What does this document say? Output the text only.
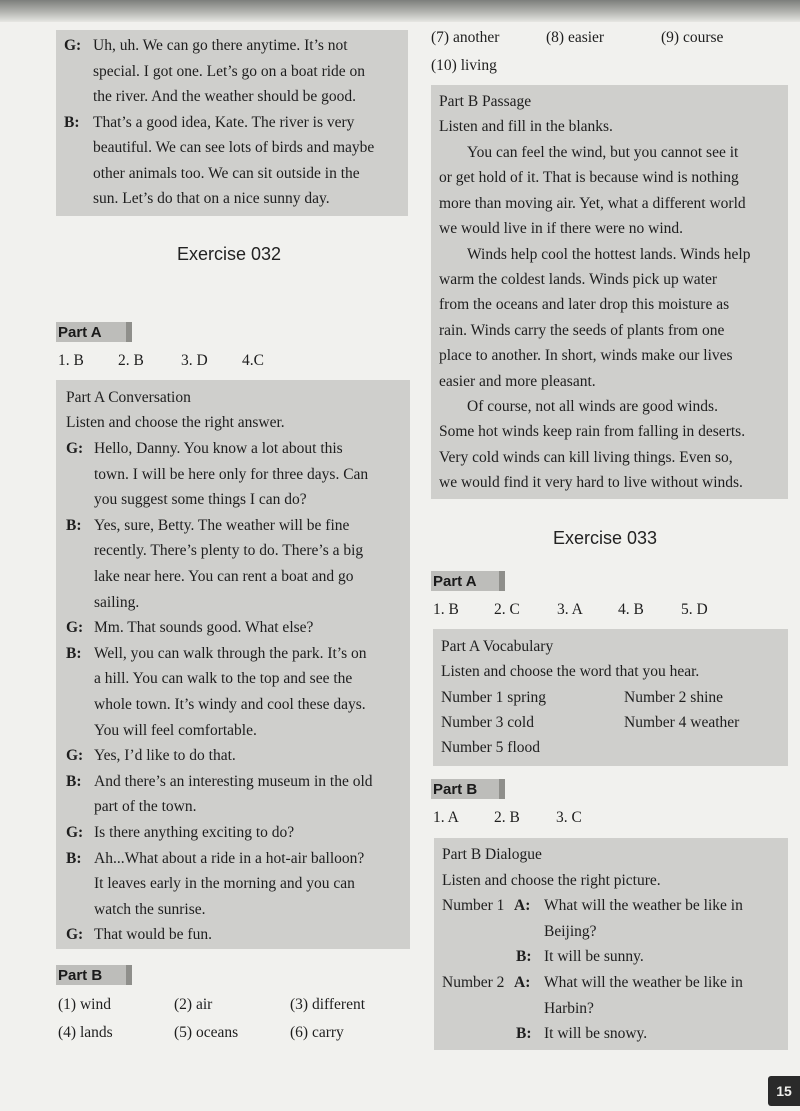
G: Uh, uh. We can go there anytime. It’s not
special. I got one. Let’s go on a boat ride on
the river. And the weather should be good.
B: That’s a good idea, Kate. The river is very
beautiful. We can see lots of birds and maybe
other animals too. We can sit outside in the
sun. Let’s do that on a nice sunny day.
Exercise 032
Part A
1. B 2. B 3. D 4.C
Part A Conversation
Listen and choose the right answer.
G: Hello, Danny. You know a lot about this
town. I will be here only for three days. Can
you suggest some things I can do?
B: Yes, sure, Betty. The weather will be fine
recently. There’s plenty to do. There’s a big
lake near here. You can rent a boat and go
sailing.
G: Mm. That sounds good. What else?
B: Well, you can walk through the park. It’s on
a hill. You can walk to the top and see the
whole town. It’s windy and cool these days.
You will feel comfortable.
G: Yes, I’d like to do that.
B: And there’s an interesting museum in the old
part of the town.
G: Is there anything exciting to do?
B: Ah...What about a ride in a hot-air balloon?
It leaves early in the morning and you can
watch the sunrise.
G: That would be fun.
Part B
(1) wind	(2) air	(3) different
(4) lands	(5) oceans	(6) carry
(7) another	(8) easier	(9) course
(10) living
Part B Passage
Listen and fill in the blanks.
You can feel the wind, but you cannot see it
or get hold of it. That is because wind is nothing
more than moving air. Yet, what a different world
we would live in if there were no wind.
Winds help cool the hottest lands. Winds help
warm the coldest lands. Winds pick up water
from the oceans and later drop this moisture as
rain. Winds carry the seeds of plants from one
place to another. In short, winds make our lives
easier and more pleasant.
Of course, not all winds are good winds.
Some hot winds keep rain from falling in deserts.
Very cold winds can kill living things. Even so,
we would find it very hard to live without winds.
Exercise 033
Part A
1. B 2. C 3. A 4. B 5. D
Part A Vocabulary
Listen and choose the word that you hear.
Number 1 spring	Number 2 shine
Number 3 cold	Number 4 weather
Number 5 flood
Part B
1. A 2. B 3. C
Part B Dialogue
Listen and choose the right picture.
Number 1 A: What will the weather be like in
Beijing?
B: It will be sunny.
Number 2 A: What will the weather be like in
Harbin?
B: It will be snowy.
15
